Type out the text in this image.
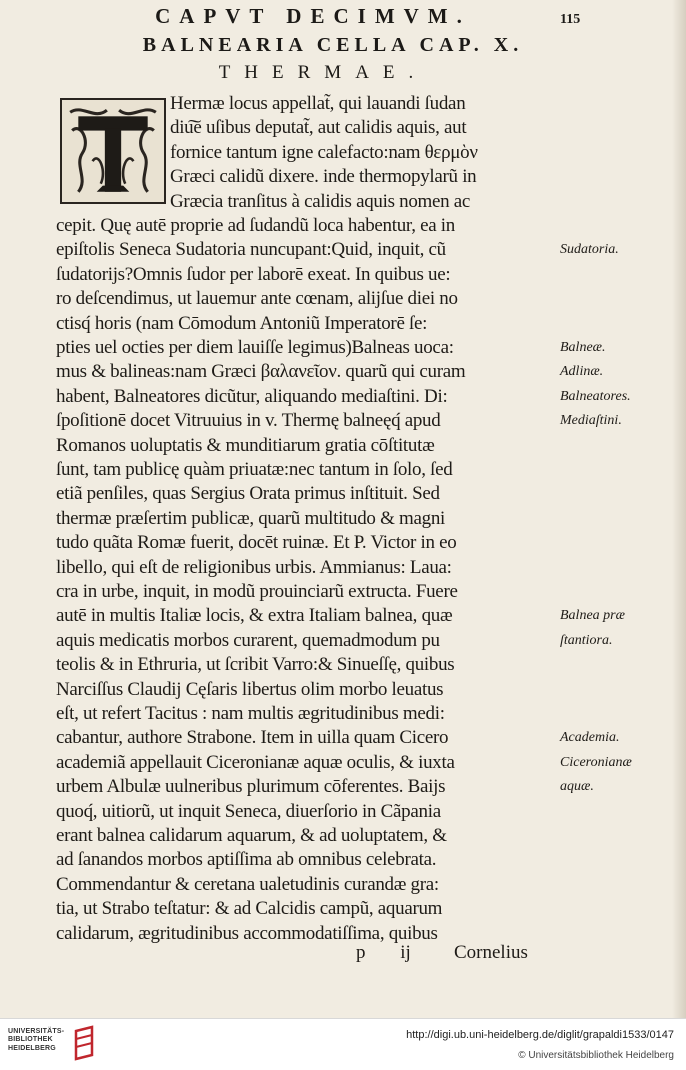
CAPVT DECIMVM.	115
BALNEARIA CELLA CAP. X.
THERMAE.
Hermæ locus appellat̃, qui lauandi ſudan
diu͠e uſibus deputat̃, aut calidis aquis, aut
fornice tantum igne calefacto:nam θερμὸν
Græci calidũ dixere. inde thermopylarũ in
Græcia tranſitus à calidis aquis nomen ac
cepit. Quę autē proprie ad ſudandũ loca habentur, ea in
epiſtolis Seneca Sudatoria nuncupant:Quid, inquit, cũ
ſudatorijs?Omnis ſudor per laborē exeat. In quibus ue:
ro deſcendimus, ut lauemur ante cœnam, alijſue diei no
ctisq́ horis (nam Cōmodum Antoniũ Imperatorē ſe:
pties uel octies per diem lauiſſe legimus)Balneas uoca:
mus & balineas:nam Græci βαλανεῖον. quarũ qui curam
habent, Balneatores dicũtur, aliquando mediaſtini. Di:
ſpoſitionē docet Vitruuius in v. Thermę balneęq́ apud
Romanos uoluptatis & munditiarum gratia cōſtitutæ
ſunt, tam publicę quàm priuatæ:nec tantum in ſolo, ſed
etiã penſiles, quas Sergius Orata primus inſtituit. Sed
thermæ præſertim publicæ, quarũ multitudo & magni
tudo quãta Romæ fuerit, docēt ruinæ. Et P. Victor in eo
libello, qui eſt de religionibus urbis. Ammianus: Laua:
cra in urbe, inquit, in modũ prouinciarũ extructa. Fuere
autē in multis Italiæ locis, & extra Italiam balnea, quæ
aquis medicatis morbos curarent, quemadmodum pu
teolis & in Ethruria, ut ſcribit Varro:& Sinueſſę, quibus
Narciſſus Claudij Cęſaris libertus olim morbo leuatus
eſt, ut refert Tacitus : nam multis ægritudinibus medi:
cabantur, authore Strabone. Item in uilla quam Cicero
academiã appellauit Ciceronianæ aquæ oculis, & iuxta
urbem Albulæ uulneribus plurimum cōferentes. Baijs
quoq́, uitiorũ, ut inquit Seneca, diuerſorio in Cãpania
erant balnea calidarum aquarum, & ad uoluptatem, &
ad ſanandos morbos aptiſſima ab omnibus celebrata.
Commendantur & ceretana ualetudinis curandæ gra:
tia, ut Strabo teſtatur: & ad Calcidis campũ, aquarum
calidarum, ægritudinibus accommodatiſſima, quibus
p ij Cornelius
Sudatoria.
Balneæ.
Adlinæ.
Balneatores.
Mediaſtini.
Balnea præ
ſtantiora.
Academia.
Ciceronianæ
aquæ.
UNIVERSITÄTS-
BIBLIOTHEK
HEIDELBERG
http://digi.ub.uni-heidelberg.de/diglit/grapaldi1533/0147
© Universitätsbibliothek Heidelberg
